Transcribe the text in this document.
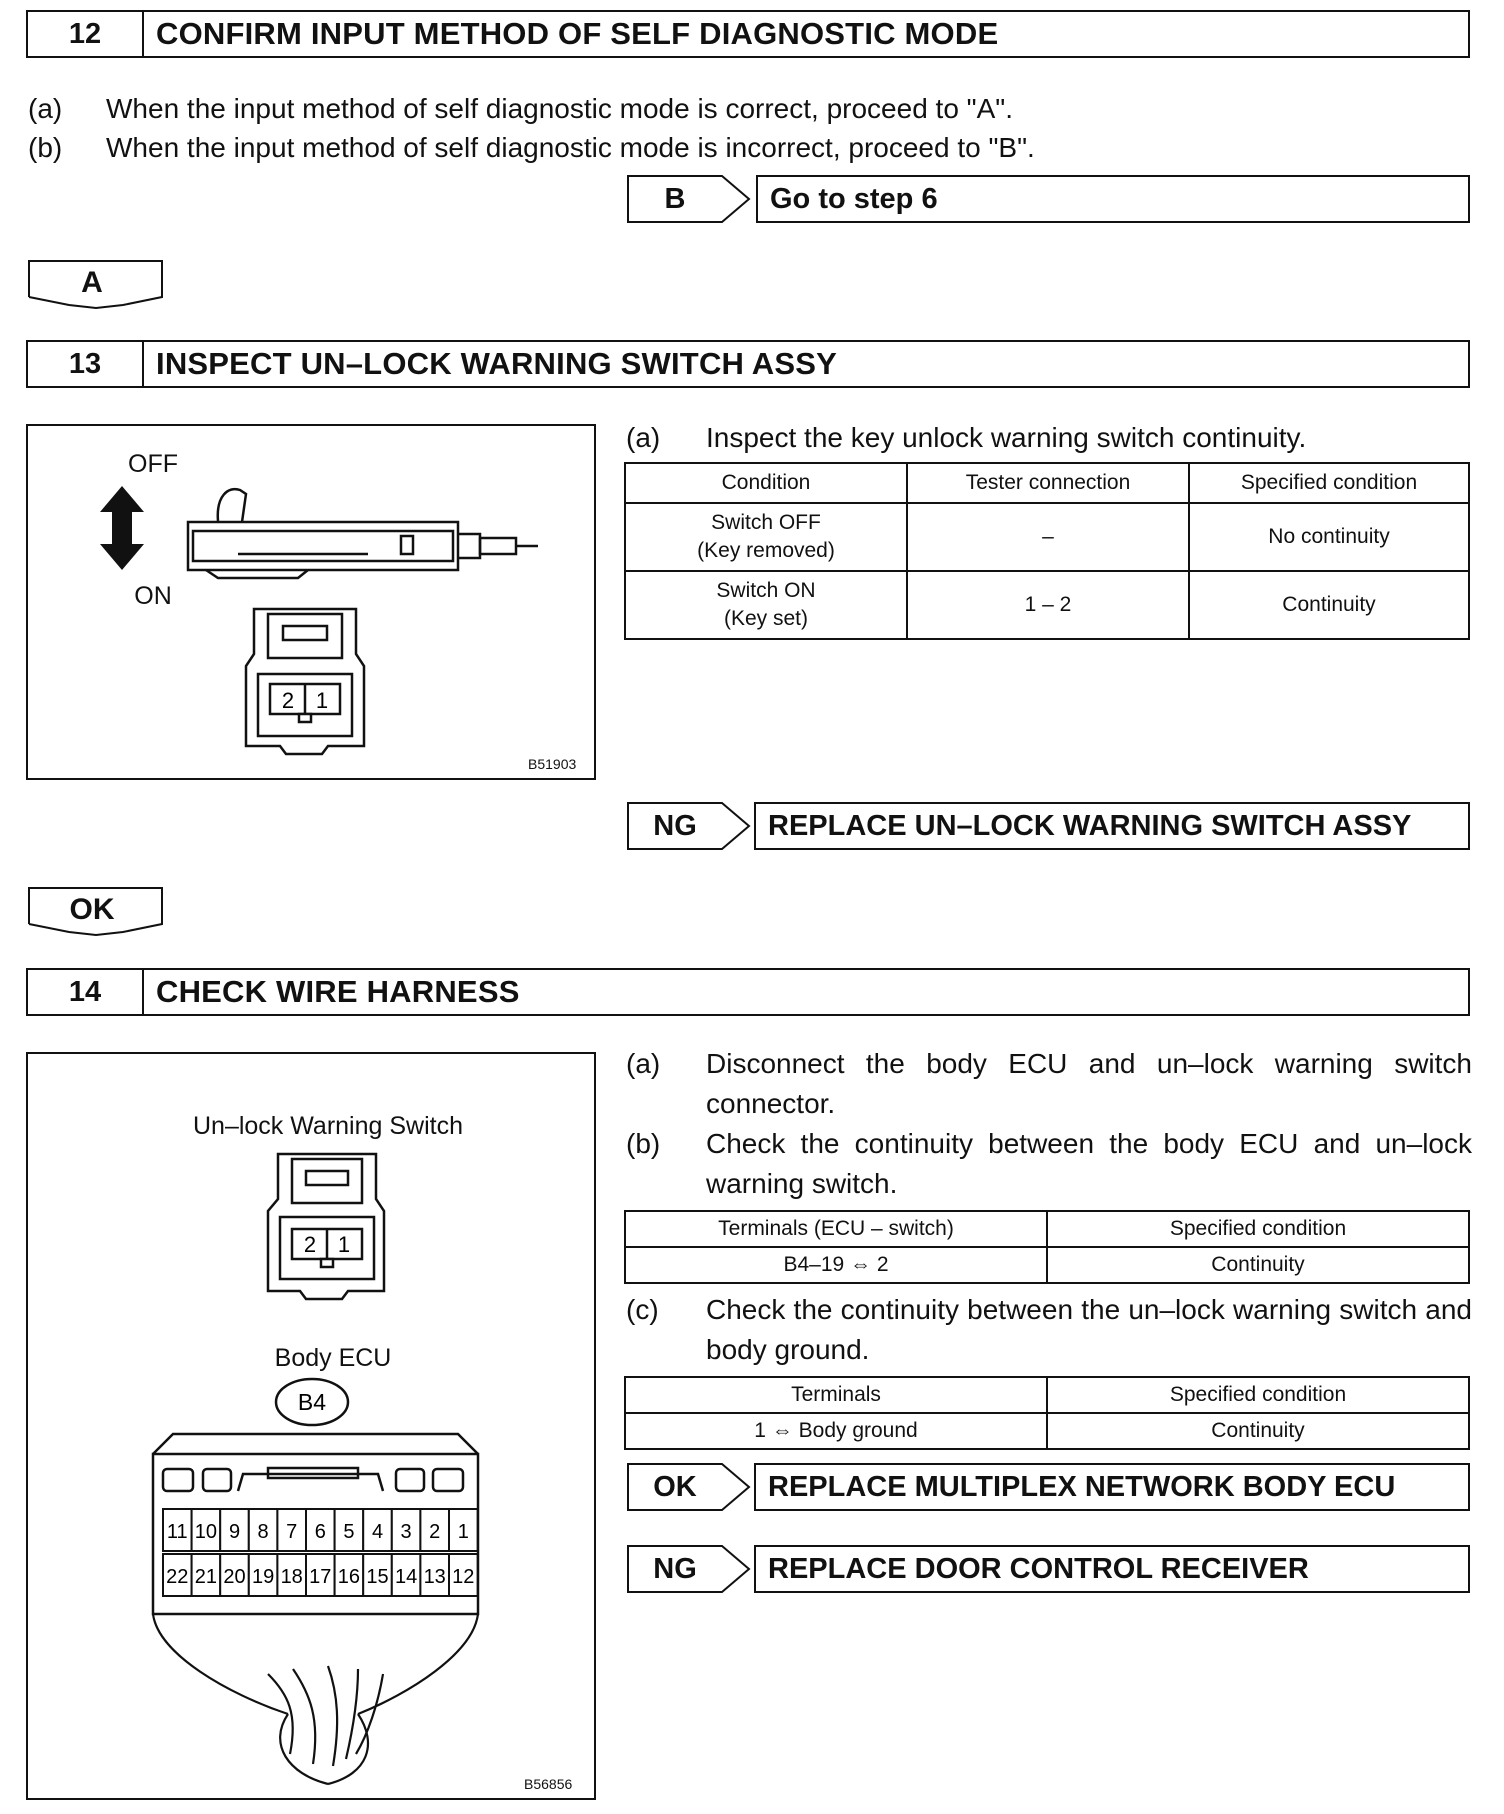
12	CONFIRM INPUT METHOD OF SELF DIAGNOSTIC MODE
(a) When the input method of self diagnostic mode is correct, proceed to "A".
(b) When the input method of self diagnostic mode is incorrect, proceed to "B".
B	Go to step 6
A
13	INSPECT UN–LOCK WARNING SWITCH ASSY
OFF
ON
2 1
B51903
(a) Inspect the key unlock warning switch continuity.
Condition	Tester connection	Specified condition

Switch OFF
(Key removed)	–	No continuity

Switch ON
(Key set)	1 – 2	Continuity
NG	REPLACE UN–LOCK WARNING SWITCH ASSY
OK
14	CHECK WIRE HARNESS
Un–lock Warning Switch
Body ECU
2 1
B4
11 10 9 8 7 6 5 4 3 2 1
22 21 20 19 18 17 16 15 14 13 12
B56856
(a) Disconnect the body ECU and un–lock warning switch connector.
(b) Check the continuity between the body ECU and un–lock warning switch.
Terminals (ECU – switch)	Specified condition
B4–19 ⇔ 2	Continuity
(c) Check the continuity between the un–lock warning switch and body ground.
Terminals	Specified condition
1 ⇔ Body ground	Continuity
OK	REPLACE MULTIPLEX NETWORK BODY ECU
NG	REPLACE DOOR CONTROL RECEIVER
